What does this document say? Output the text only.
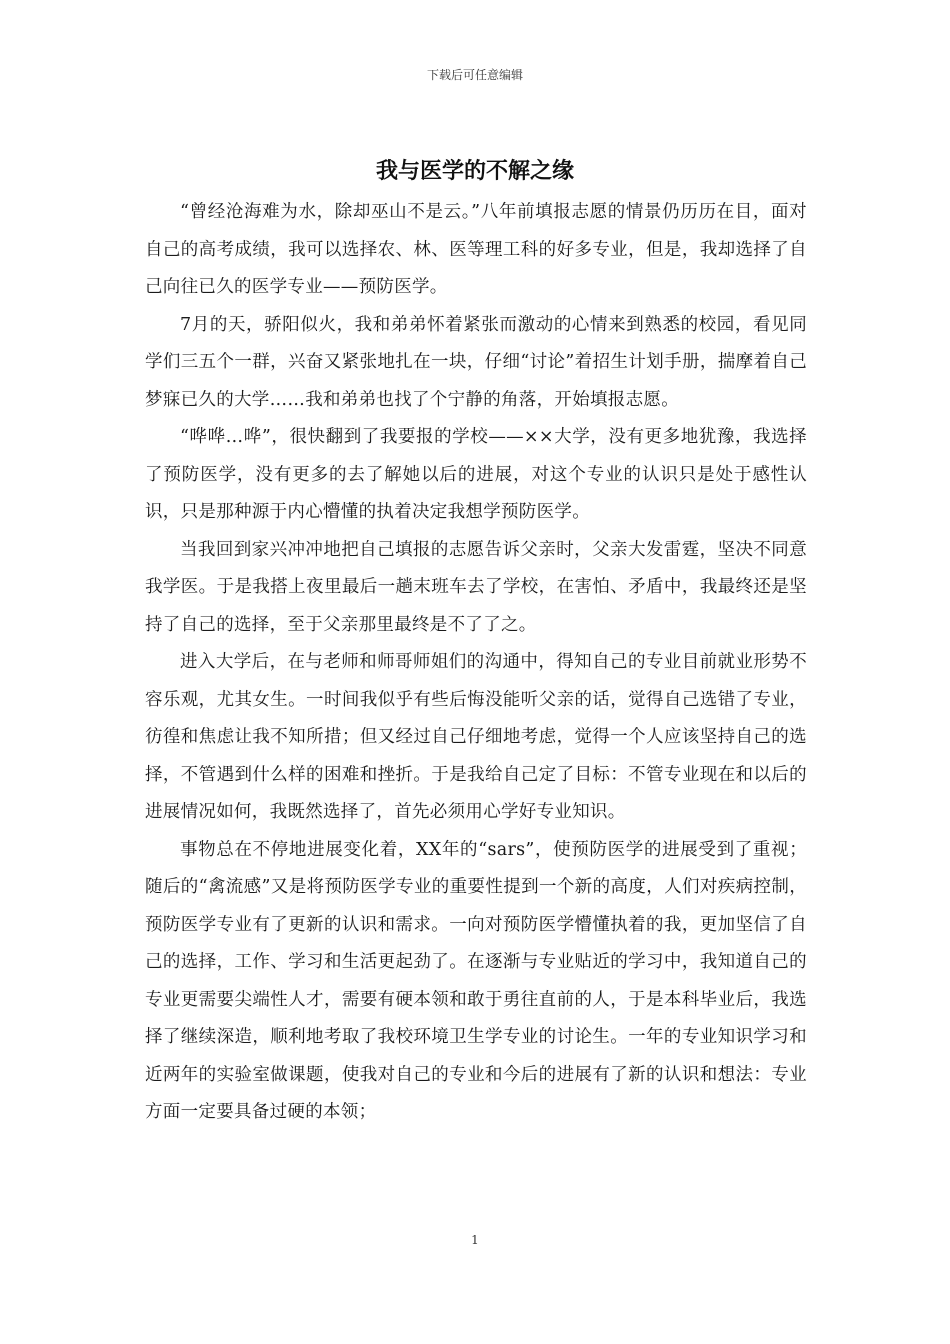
下载后可任意编辑
我与医学的不解之缘

“曾经沧海难为水，除却巫山不是云。”八年前填报志愿的情景仍历历在目，面对自己的高考成绩，我可以选择农、林、医等理工科的好多专业，但是，我却选择了自己向往已久的医学专业——预防医学。

7月的天，骄阳似火，我和弟弟怀着紧张而激动的心情来到熟悉的校园，看见同学们三五个一群，兴奋又紧张地扎在一块，仔细“讨论”着招生计划手册，揣摩着自己梦寐已久的大学……我和弟弟也找了个宁静的角落，开始填报志愿。

“哗哗…哗”，很快翻到了我要报的学校——××大学，没有更多地犹豫，我选择了预防医学，没有更多的去了解她以后的进展，对这个专业的认识只是处于感性认识，只是那种源于内心懵懂的执着决定我想学预防医学。

当我回到家兴冲冲地把自己填报的志愿告诉父亲时，父亲大发雷霆，坚决不同意我学医。于是我搭上夜里最后一趟末班车去了学校，在害怕、矛盾中，我最终还是坚持了自己的选择，至于父亲那里最终是不了了之。

进入大学后，在与老师和师哥师姐们的沟通中，得知自己的专业目前就业形势不容乐观，尤其女生。一时间我似乎有些后悔没能听父亲的话，觉得自己选错了专业，彷徨和焦虑让我不知所措；但又经过自己仔细地考虑，觉得一个人应该坚持自己的选择，不管遇到什么样的困难和挫折。于是我给自己定了目标：不管专业现在和以后的进展情况如何，我既然选择了，首先必须用心学好专业知识。

事物总在不停地进展变化着，XX年的“sars”，使预防医学的进展受到了重视；随后的“禽流感”又是将预防医学专业的重要性提到一个新的高度，人们对疾病控制，预防医学专业有了更新的认识和需求。一向对预防医学懵懂执着的我，更加坚信了自己的选择，工作、学习和生活更起劲了。在逐渐与专业贴近的学习中，我知道自己的专业更需要尖端性人才，需要有硬本领和敢于勇往直前的人，于是本科毕业后，我选择了继续深造，顺利地考取了我校环境卫生学专业的讨论生。一年的专业知识学习和近两年的实验室做课题，使我对自己的专业和今后的进展有了新的认识和想法：专业方面一定要具备过硬的本领；

1
